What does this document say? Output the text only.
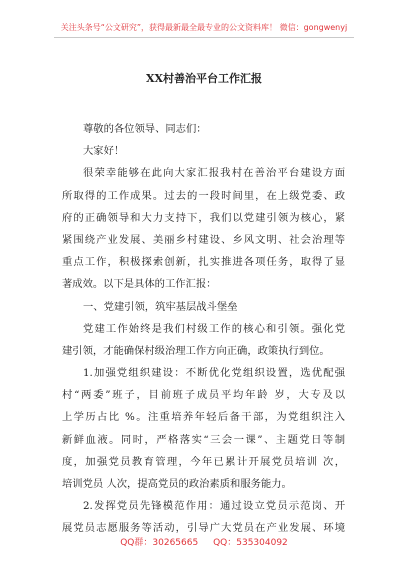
关注头条号“公文研究”，获得最新最全最专业的公文资料库！ 微信：gongwenyj
XX村善治平台工作汇报
尊敬的各位领导、同志们：
大家好！
很荣幸能够在此向大家汇报我村在善治平台建设方面
所取得的工作成果。过去的一段时间里，在上级党委、政
府的正确领导和大力支持下，我们以党建引领为核心，紧
紧围绕产业发展、美丽乡村建设、乡风文明、社会治理等
重点工作，积极探索创新，扎实推进各项任务，取得了显
著成效。以下是具体的工作汇报：
一、党建引领，筑牢基层战斗堡垒
党建工作始终是我们村级工作的核心和引领。强化党
建引领，才能确保村级治理工作方向正确，政策执行到位。
1.加强党组织建设：不断优化党组织设置，选优配强
村“两委”班子，目前班子成员平均年龄 岁，大专及以
上学历占比 %。注重培养年轻后备干部，为党组织注入
新鲜血液。同时，严格落实“三会一课”、主题党日等制
度，加强党员教育管理，今年已累计开展党员培训 次，
培训党员 人次，提高党员的政治素质和服务能力。
2.发挥党员先锋模范作用：通过设立党员示范岗、开
展党员志愿服务等活动，引导广大党员在产业发展、环境
QQ群：30265665 QQ：535304092
